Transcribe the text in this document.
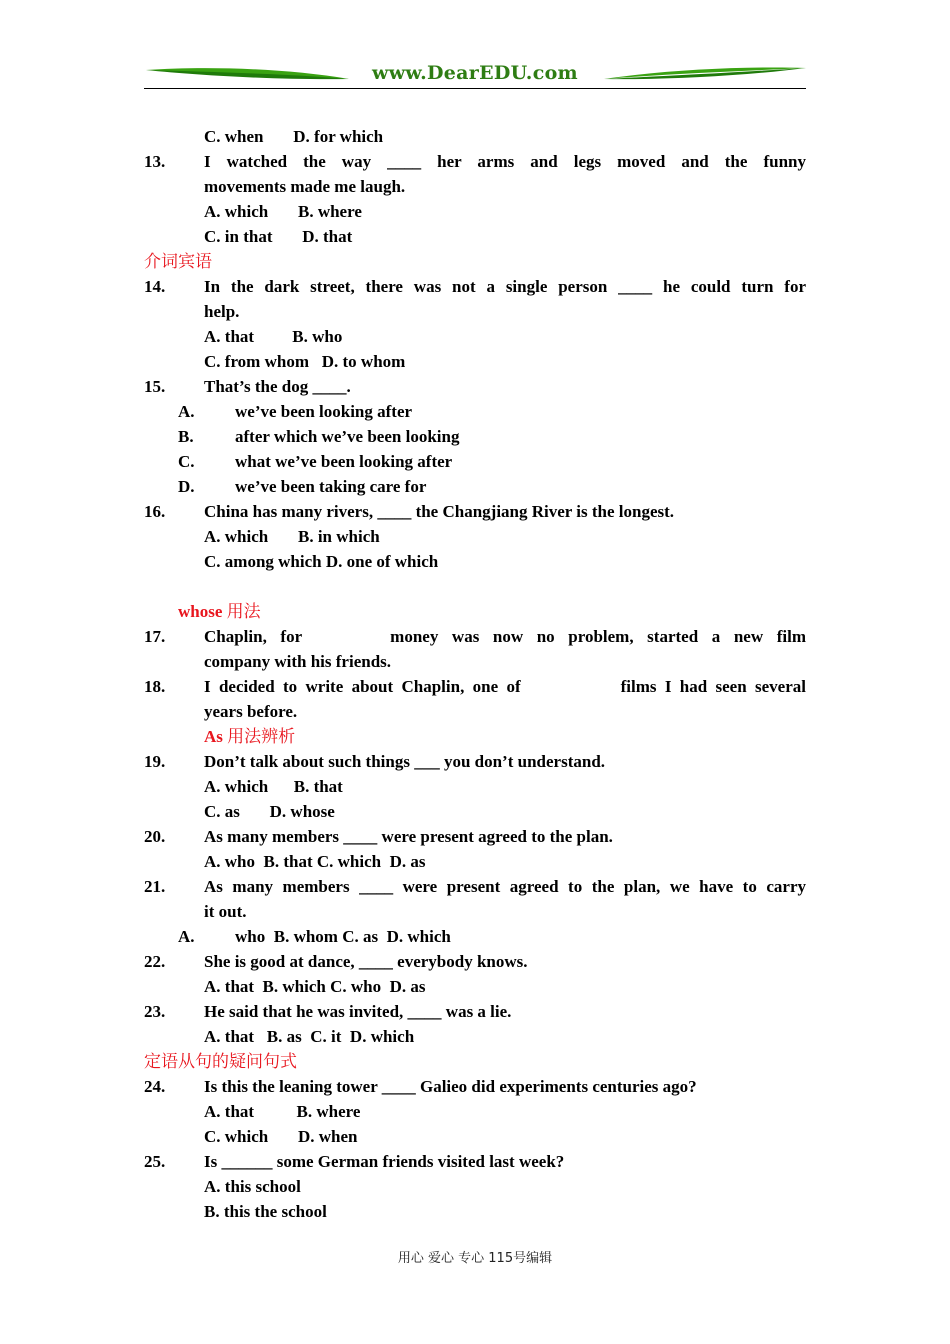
www.DearEDU.com
C. when       D. for which
13. I watched the way ____ her arms and legs moved and the funny
movements made me laugh.
A. which       B. where
C. in that       D. that
介词宾语
14. In the dark street, there was not a single person ____ he could turn for
help.
A. that         B. who
C. from whom   D. to whom
15. That’s the dog ____.
A. we’ve been looking after
B. after which we’ve been looking
C. what we’ve been looking after
D. we’ve been taking care for
16. China has many rivers, ____ the Changjiang River is the longest.
A. which       B. in which
C. among which D. one of which
whose 用法
17. Chaplin,  for             money  was  now  no  problem,  started  a  new  film
company with his friends.
18. I decided to write about Chaplin, one of            films I had seen several
years before.
As 用法辨析
19. Don’t talk about such things ___ you don’t understand.
A. which      B. that
C. as       D. whose
20. As many members ____ were present agreed to the plan.
A. who  B. that C. which  D. as
21. As many members ____ were present agreed to the plan, we have to carry
it out.
A. who  B. whom C. as  D. which
22. She is good at dance, ____ everybody knows.
A. that  B. which C. who  D. as
23. He said that he was invited, ____ was a lie.
A. that   B. as  C. it  D. which
定语从句的疑问句式
24. Is this the leaning tower ____ Galieo did experiments centuries ago?
A. that          B. where
C. which       D. when
25. Is ______ some German friends visited last week?
A. this school
B. this the school
用心 爱心 专心 115号编辑
